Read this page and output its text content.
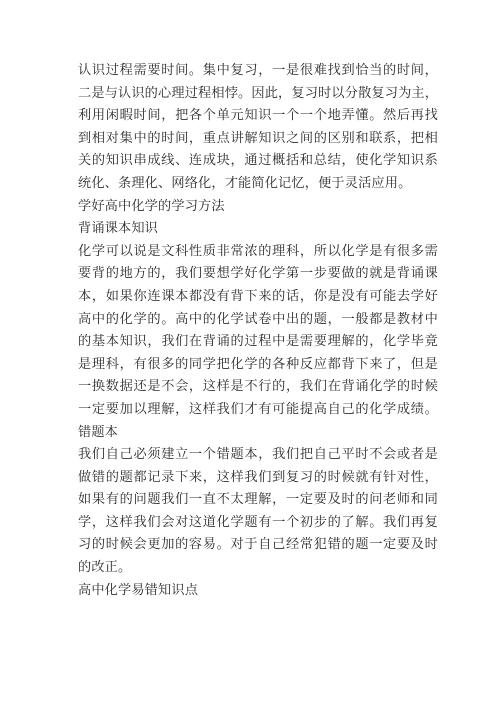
认识过程需要时间。集中复习，一是很难找到恰当的时间，
二是与认识的心理过程相悖。因此，复习时以分散复习为主，
利用闲暇时间，把各个单元知识一个一个地弄懂。然后再找
到相对集中的时间，重点讲解知识之间的区别和联系，把相
关的知识串成线、连成块，通过概括和总结，使化学知识系
统化、条理化、网络化，才能简化记忆，便于灵活应用。
学好高中化学的学习方法
背诵课本知识
化学可以说是文科性质非常浓的理科，所以化学是有很多需
要背的地方的，我们要想学好化学第一步要做的就是背诵课
本，如果你连课本都没有背下来的话，你是没有可能去学好
高中的化学的。高中的化学试卷中出的题，一般都是教材中
的基本知识，我们在背诵的过程中是需要理解的，化学毕竟
是理科，有很多的同学把化学的各种反应都背下来了，但是
一换数据还是不会，这样是不行的，我们在背诵化学的时候
一定要加以理解，这样我们才有可能提高自己的化学成绩。
错题本
我们自己必须建立一个错题本，我们把自己平时不会或者是
做错的题都记录下来，这样我们到复习的时候就有针对性，
如果有的问题我们一直不太理解，一定要及时的问老师和同
学，这样我们会对这道化学题有一个初步的了解。我们再复
习的时候会更加的容易。对于自己经常犯错的题一定要及时
的改正。
高中化学易错知识点
